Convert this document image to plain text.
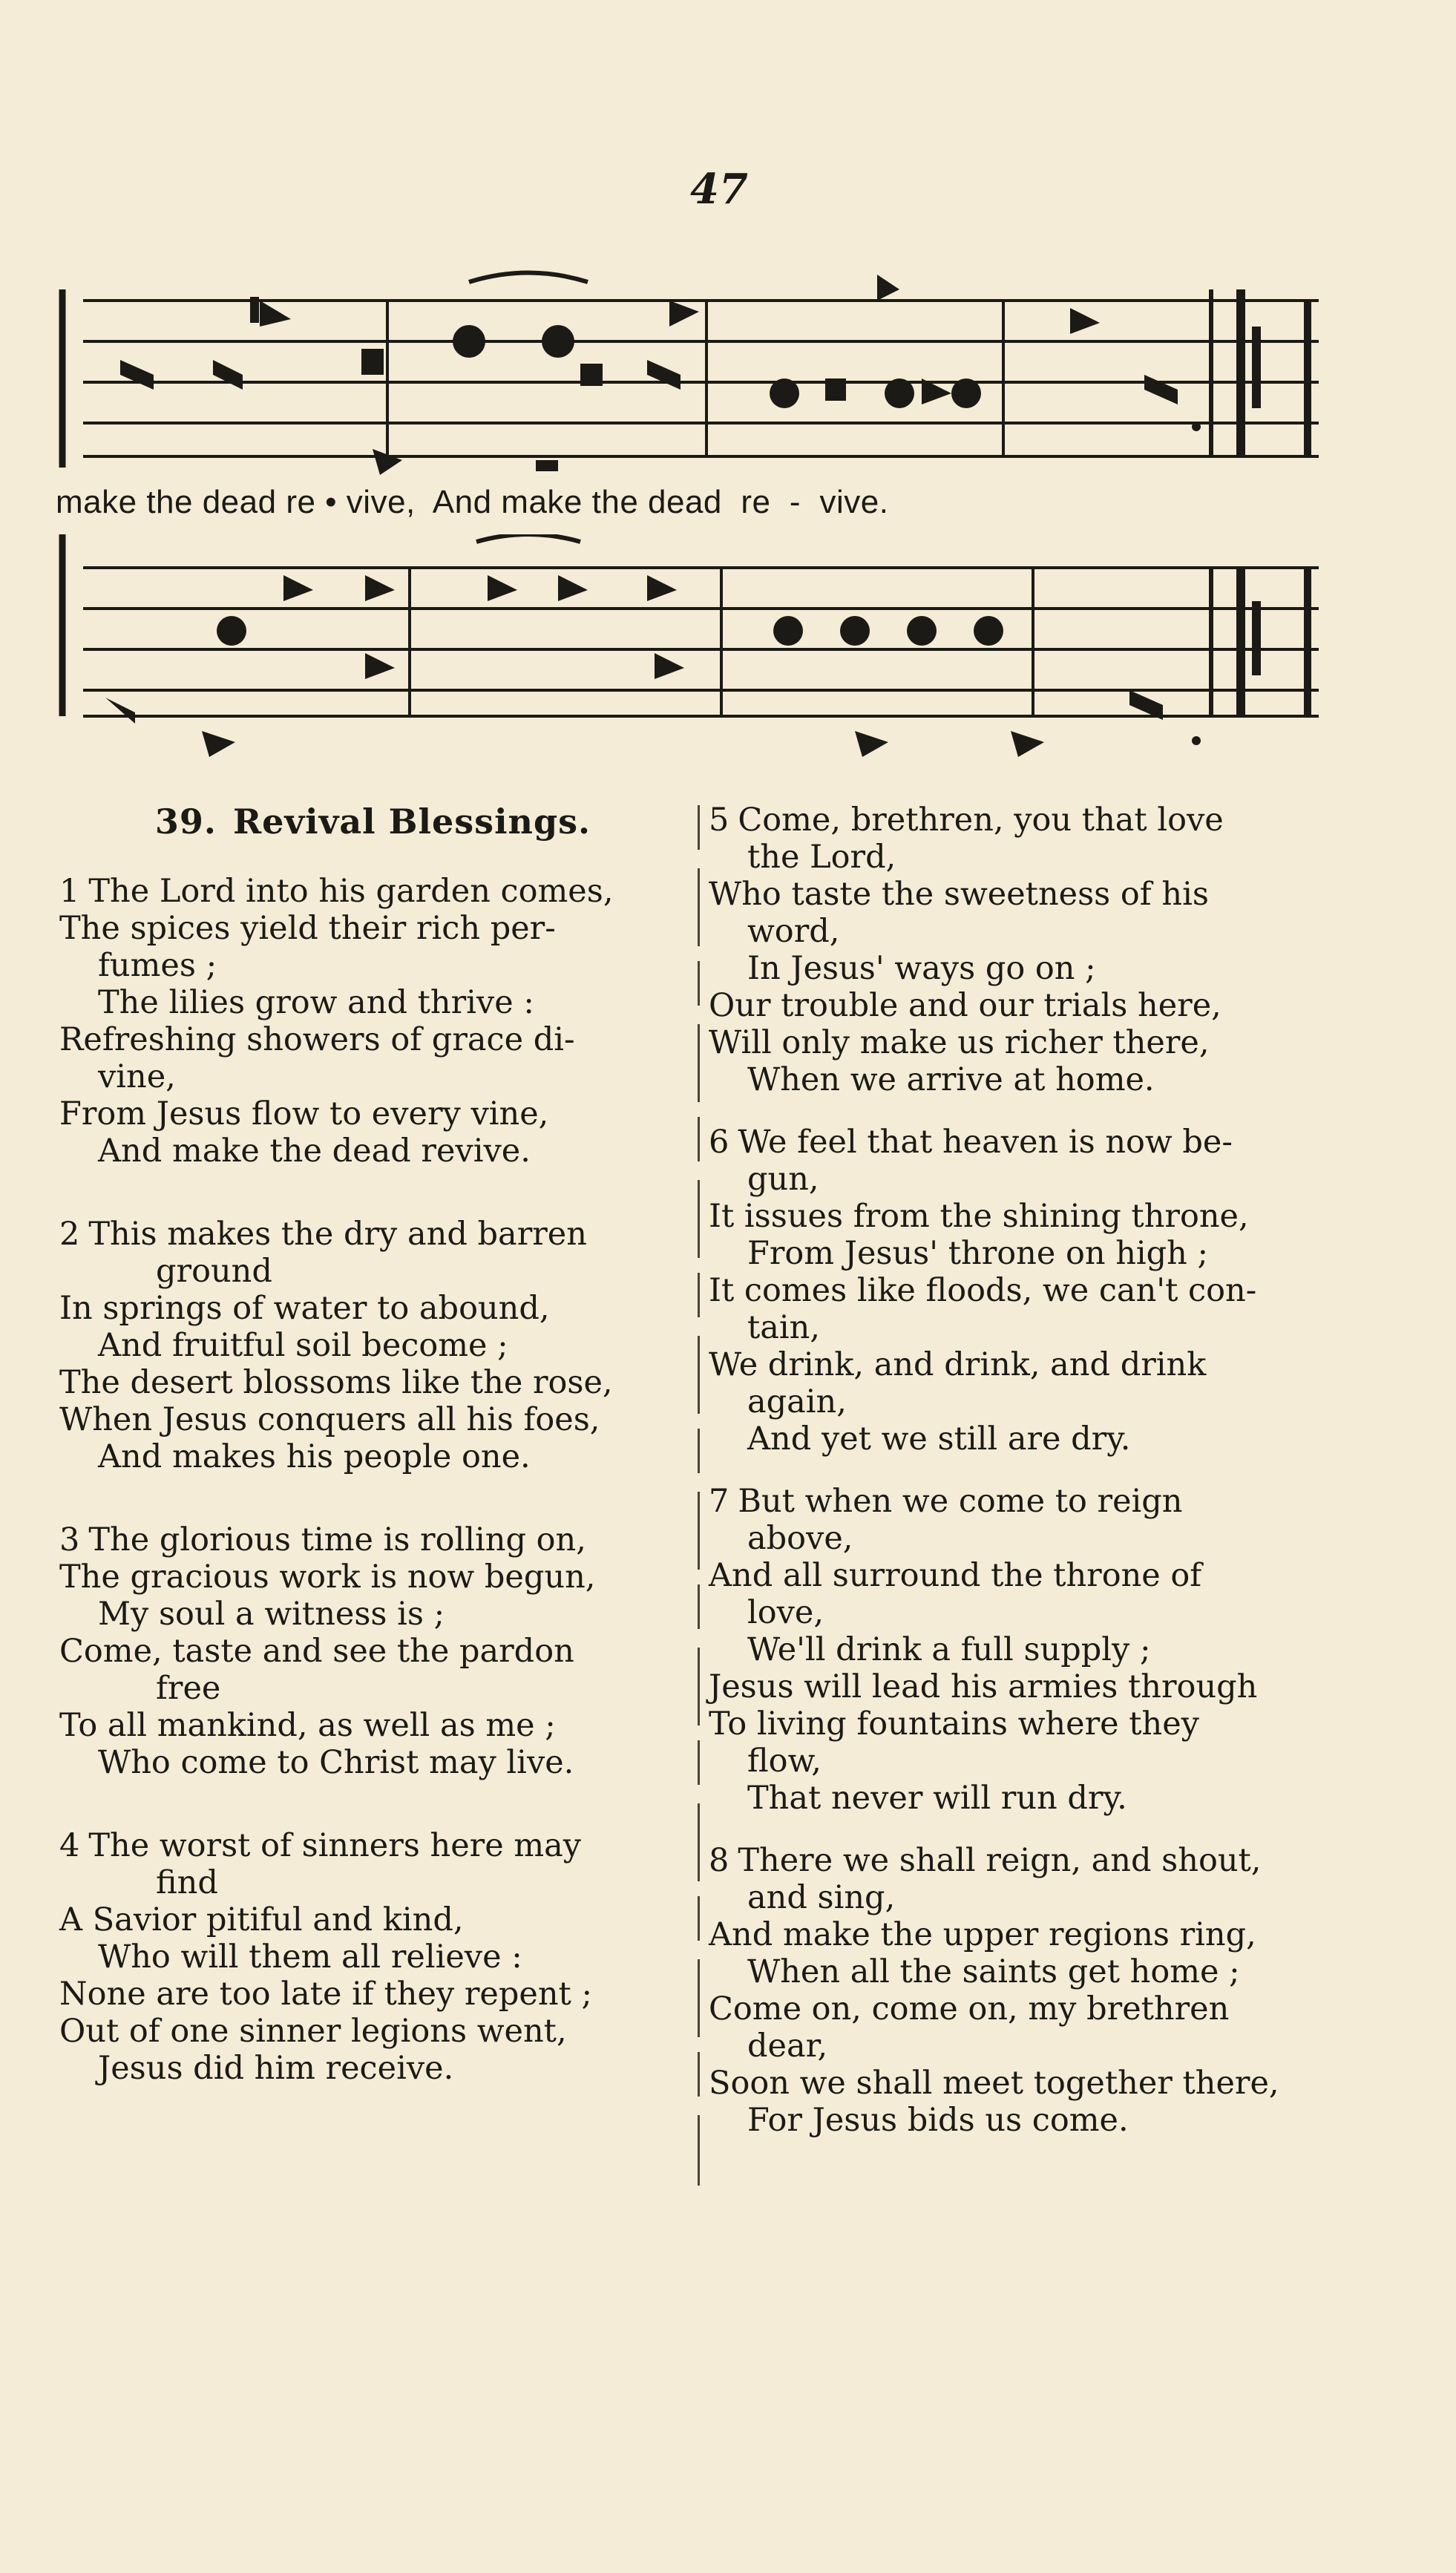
47
make the dead re • vive,  And make the dead  re  -  vive.
39. Revival Blessings.
1 The Lord into his garden comes,
The spices yield their rich per-
fumes ;
The lilies grow and thrive :
Refreshing showers of grace di-
vine,
From Jesus flow to every vine,
And make the dead revive.
2 This makes the dry and barren
ground
In springs of water to abound,
And fruitful soil become ;
The desert blossoms like the rose,
When Jesus conquers all his foes,
And makes his people one.
3 The glorious time is rolling on,
The gracious work is now begun,
My soul a witness is ;
Come, taste and see the pardon
free
To all mankind, as well as me ;
Who come to Christ may live.
4 The worst of sinners here may
find
A Savior pitiful and kind,
Who will them all relieve :
None are too late if they repent ;
Out of one sinner legions went,
Jesus did him receive.
5 Come, brethren, you that love
the Lord,
Who taste the sweetness of his
word,
In Jesus' ways go on ;
Our trouble and our trials here,
Will only make us richer there,
When we arrive at home.
6 We feel that heaven is now be-
gun,
It issues from the shining throne,
From Jesus' throne on high ;
It comes like floods, we can't con-
tain,
We drink, and drink, and drink
again,
And yet we still are dry.
7 But when we come to reign
above,
And all surround the throne of
love,
We'll drink a full supply ;
Jesus will lead his armies through
To living fountains where they
flow,
That never will run dry.
8 There we shall reign, and shout,
and sing,
And make the upper regions ring,
When all the saints get home ;
Come on, come on, my brethren
dear,
Soon we shall meet together there,
For Jesus bids us come.
